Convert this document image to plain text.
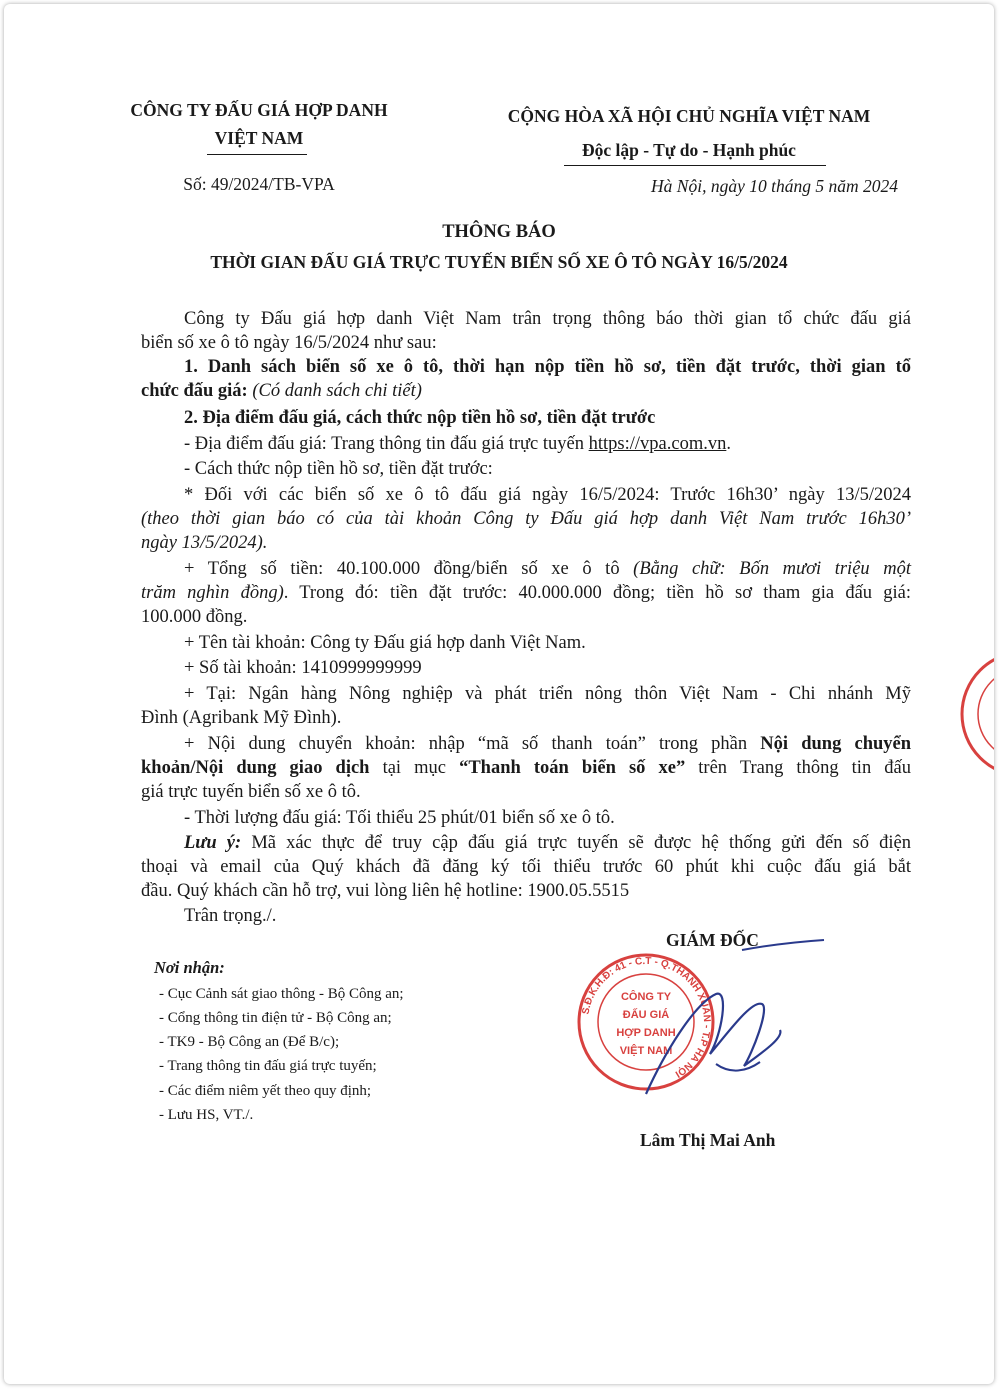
CÔNG TY ĐẤU GIÁ HỢP DANH
VIỆT NAM
Số: 49/2024/TB-VPA
CỘNG HÒA XÃ HỘI CHỦ NGHĨA VIỆT NAM
Độc lập - Tự do - Hạnh phúc
Hà Nội, ngày 10 tháng 5 năm 2024
THÔNG BÁO
THỜI GIAN ĐẤU GIÁ TRỰC TUYẾN BIỂN SỐ XE Ô TÔ NGÀY 16/5/2024
Công ty Đấu giá hợp danh Việt Nam trân trọng thông báo thời gian tổ chức đấu giá
biển số xe ô tô ngày 16/5/2024 như sau:
1. Danh sách biển số xe ô tô, thời hạn nộp tiền hồ sơ, tiền đặt trước, thời gian tổ
chức đấu giá: (Có danh sách chi tiết)
2. Địa điểm đấu giá, cách thức nộp tiền hồ sơ, tiền đặt trước
- Địa điểm đấu giá: Trang thông tin đấu giá trực tuyến https://vpa.com.vn.
- Cách thức nộp tiền hồ sơ, tiền đặt trước:
* Đối với các biển số xe ô tô đấu giá ngày 16/5/2024: Trước 16h30’ ngày 13/5/2024
(theo thời gian báo có của tài khoản Công ty Đấu giá hợp danh Việt Nam trước 16h30’
ngày 13/5/2024).
+ Tổng số tiền: 40.100.000 đồng/biển số xe ô tô (Bằng chữ: Bốn mươi triệu một
trăm nghìn đồng). Trong đó: tiền đặt trước: 40.000.000 đồng; tiền hồ sơ tham gia đấu giá:
100.000 đồng.
+ Tên tài khoản: Công ty Đấu giá hợp danh Việt Nam.
+ Số tài khoản: 1410999999999
+ Tại: Ngân hàng Nông nghiệp và phát triển nông thôn Việt Nam - Chi nhánh Mỹ
Đình (Agribank Mỹ Đình).
+ Nội dung chuyển khoản: nhập “mã số thanh toán” trong phần Nội dung chuyển
khoản/Nội dung giao dịch tại mục “Thanh toán biển số xe” trên Trang thông tin đấu
giá trực tuyến biển số xe ô tô.
- Thời lượng đấu giá: Tối thiểu 25 phút/01 biển số xe ô tô.
Lưu ý: Mã xác thực để truy cập đấu giá trực tuyến sẽ được hệ thống gửi đến số điện
thoại và email của Quý khách đã đăng ký tối thiểu trước 60 phút khi cuộc đấu giá bắt
đầu. Quý khách cần hỗ trợ, vui lòng liên hệ hotline: 1900.05.5515
Trân trọng./.
Nơi nhận:
- Cục Cảnh sát giao thông - Bộ Công an;
- Cổng thông tin điện tử - Bộ Công an;
- TK9 - Bộ Công an (Để B/c);
- Trang thông tin đấu giá trực tuyến;
- Các điểm niêm yết theo quy định;
- Lưu HS, VT./.
GIÁM ĐỐC
S.Đ.K.H.Đ: 41 - C.T - Q.THANH XUÂN - T.P HÀ NỘI
CÔNG TY
ĐẤU GIÁ
HỢP DANH
VIỆT NAM
Lâm Thị Mai Anh
